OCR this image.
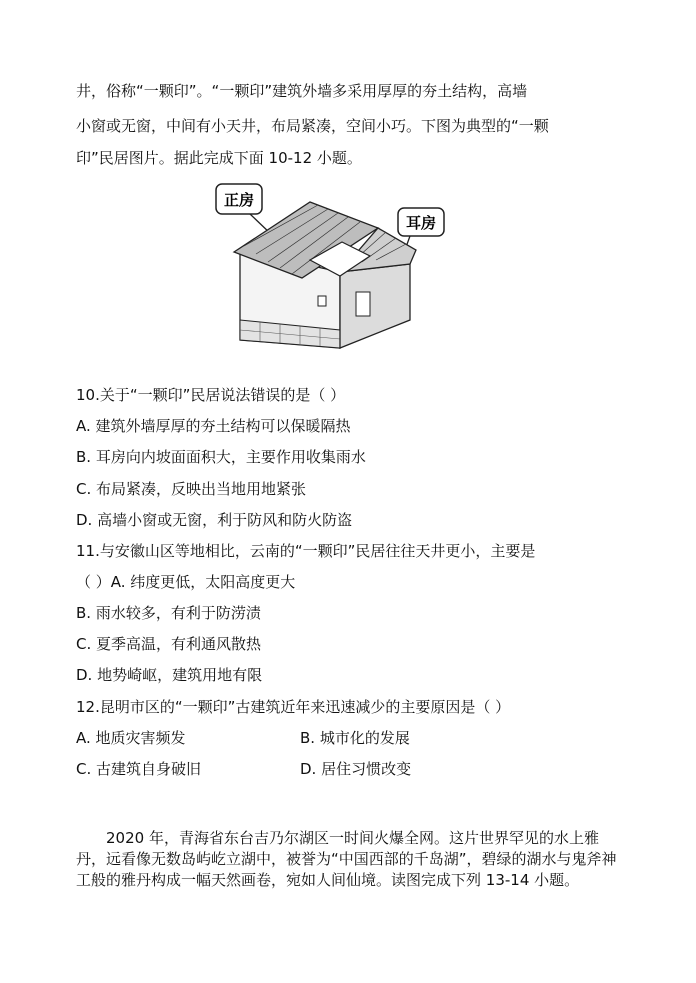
井，俗称“一颗印”。“一颗印”建筑外墙多采用厚厚的夯土结构，高墙
小窗或无窗，中间有小天井，布局紧凑，空间小巧。下图为典型的“一颗
印”民居图片。据此完成下面 10-12 小题。
正房
耳房
10.关于“一颗印”民居说法错误的是（ ）
A. 建筑外墙厚厚的夯土结构可以保暖隔热
B. 耳房向内坡面面积大，主要作用收集雨水
C. 布局紧凑，反映出当地用地紧张
D. 高墙小窗或无窗，利于防风和防火防盗
11.与安徽山区等地相比，云南的“一颗印”民居往往天井更小，主要是
（ ）A. 纬度更低，太阳高度更大
B. 雨水较多，有利于防涝渍
C. 夏季高温，有利通风散热
D. 地势崎岖，建筑用地有限
12.昆明市区的“一颗印”古建筑近年来迅速减少的主要原因是（ ）
A. 地质灾害频发	B. 城市化的发展
C. 古建筑自身破旧	D. 居住习惯改变
2020 年，青海省东台吉乃尔湖区一时间火爆全网。这片世界罕见的水上雅丹，远看像无数岛屿屹立湖中，被誉为“中国西部的千岛湖”，碧绿的湖水与鬼斧神工般的雅丹构成一幅天然画卷，宛如人间仙境。读图完成下列 13-14 小题。
